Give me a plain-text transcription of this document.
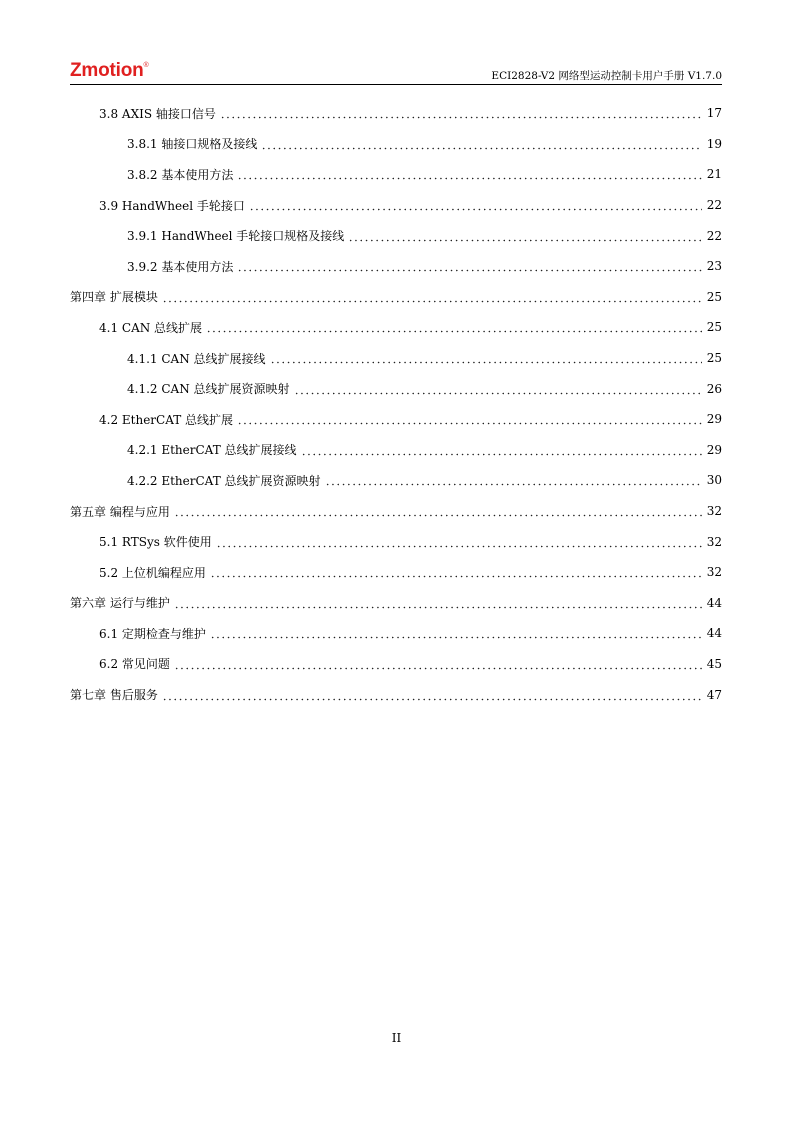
Zmotion®
ECI2828-V2 网络型运动控制卡用户手册 V1.7.0
3.8 AXIS 轴接口信号	17
3.8.1 轴接口规格及接线	19
3.8.2 基本使用方法	21
3.9 HandWheel 手轮接口	22
3.9.1 HandWheel 手轮接口规格及接线	22
3.9.2 基本使用方法	23
第四章 扩展模块	25
4.1 CAN 总线扩展	25
4.1.1 CAN 总线扩展接线	25
4.1.2 CAN 总线扩展资源映射	26
4.2 EtherCAT 总线扩展	29
4.2.1 EtherCAT 总线扩展接线	29
4.2.2 EtherCAT 总线扩展资源映射	30
第五章 编程与应用	32
5.1 RTSys 软件使用	32
5.2 上位机编程应用	32
第六章 运行与维护	44
6.1 定期检查与维护	44
6.2 常见问题	45
第七章 售后服务	47
II
